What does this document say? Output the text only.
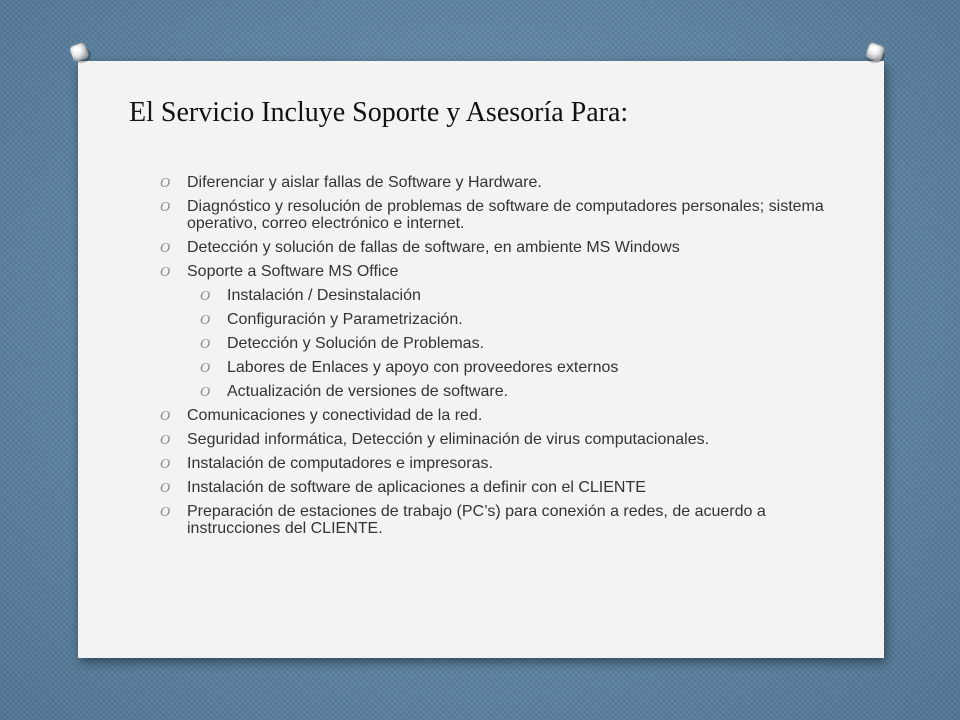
El Servicio Incluye Soporte y Asesoría Para:
O Diferenciar y aislar fallas de Software y Hardware.
O Diagnóstico y resolución de problemas de software de computadores personales; sistema operativo, correo electrónico e internet.
O Detección y solución de fallas de software, en ambiente MS Windows
O Soporte a Software MS Office
O Instalación / Desinstalación
O Configuración y Parametrización.
O Detección y Solución de Problemas.
O Labores de Enlaces y apoyo con proveedores externos
O Actualización de versiones de software.
O Comunicaciones y conectividad de la red.
O Seguridad informática, Detección y eliminación de virus computacionales.
O Instalación de computadores e impresoras.
O Instalación de software de aplicaciones a definir con el CLIENTE
O Preparación de estaciones de trabajo (PC’s) para conexión a redes, de acuerdo a instrucciones del CLIENTE.
